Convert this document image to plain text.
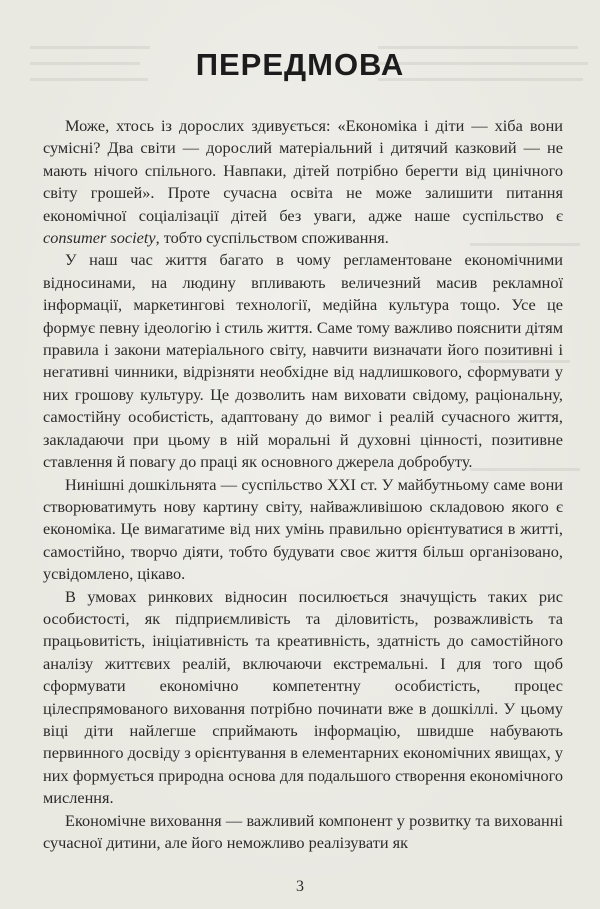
ПЕРЕДМОВА

Може, хтось із дорослих здивується: «Економіка і діти — хіба вони сумісні? Два світи — дорослий матеріальний і дитячий казковий — не мають нічого спільного. Навпаки, дітей потрібно берегти від цинічного світу грошей». Проте сучасна освіта не може залишити питання економічної соціалізації дітей без уваги, адже наше суспільство є consumer society, тобто суспільством споживання.

У наш час життя багато в чому регламентоване економічними відносинами, на людину впливають величезний масив рекламної інформації, маркетингові технології, медійна культура тощо. Усе це формує певну ідеологію і стиль життя. Саме тому важливо пояснити дітям правила і закони матеріального світу, навчити визначати його позитивні і негативні чинники, відрізняти необхідне від надлишкового, сформувати у них грошову культуру. Це дозволить нам виховати свідому, раціональну, самостійну особистість, адаптовану до вимог і реалій сучасного життя, закладаючи при цьому в ній моральні й духовні цінності, позитивне ставлення й повагу до праці як основного джерела добробуту.

Нинішні дошкільнята — суспільство XXI ст. У майбутньому саме вони створюватимуть нову картину світу, найважливішою складовою якого є економіка. Це вимагатиме від них умінь правильно орієнтуватися в житті, самостійно, творчо діяти, тобто будувати своє життя більш організовано, усвідомлено, цікаво.

В умовах ринкових відносин посилюється значущість таких рис особистості, як підприємливість та діловитість, розважливість та працьовитість, ініціативність та креативність, здатність до самостійного аналізу життєвих реалій, включаючи екстремальні. І для того щоб сформувати економічно компетентну особистість, процес цілеспрямованого виховання потрібно починати вже в дошкіллі. У цьому віці діти найлегше сприймають інформацію, швидше набувають первинного досвіду з орієнтування в елементарних економічних явищах, у них формується природна основа для подальшого створення економічного мислення.

Економічне виховання — важливий компонент у розвитку та вихованні сучасної дитини, але його неможливо реалізувати як

3
